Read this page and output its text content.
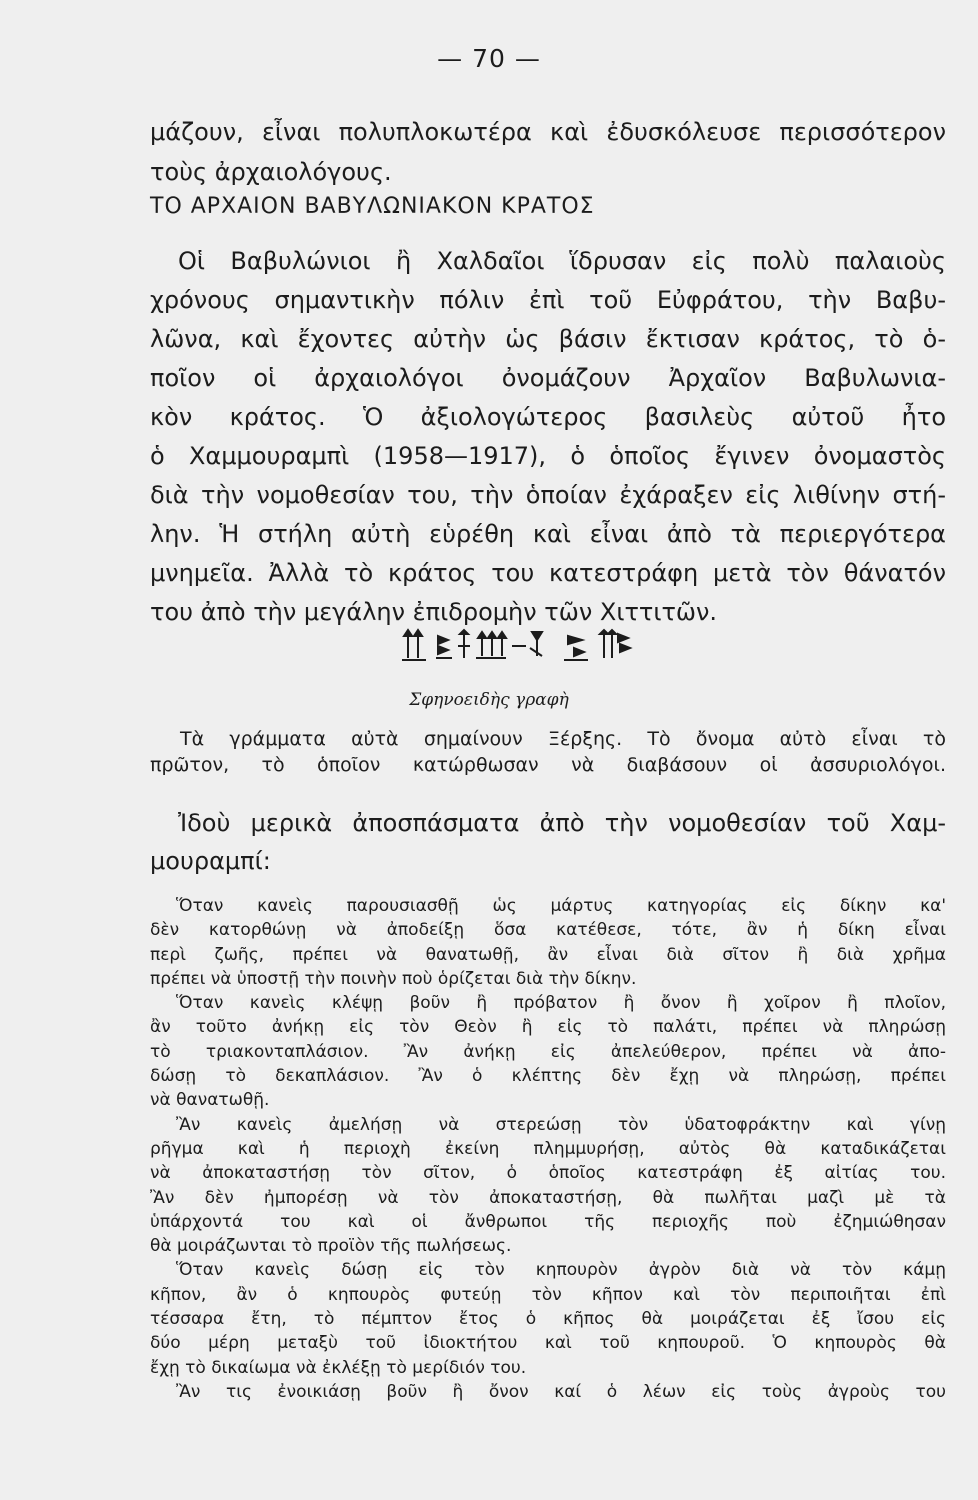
— 70 —
μάζουν, εἶναι πολυπλοκωτέρα καὶ ἐδυσκόλευσε περισσότερον
τοὺς ἀρχαιολόγους.
ΤΟ ΑΡΧΑΙΟΝ ΒΑΒΥΛΩΝΙΑΚΟΝ ΚΡΑΤΟΣ
Οἱ Βαβυλώνιοι ἢ Χαλδαῖοι ἵδρυσαν εἰς πολὺ παλαιοὺς
χρόνους σημαντικὴν πόλιν ἐπὶ τοῦ Εὐφράτου, τὴν Βαβυ-
λῶνα, καὶ ἔχοντες αὐτὴν ὡς βάσιν ἔκτισαν κράτος, τὸ ὁ-
ποῖον οἱ ἀρχαιολόγοι ὀνομάζουν Ἀρχαῖον Βαβυλωνια-
κὸν κράτος. Ὁ ἀξιολογώτερος βασιλεὺς αὐτοῦ ἦτο
ὁ Χαμμουραμπὶ (1958—1917), ὁ ὁποῖος ἔγινεν ὀνομαστὸς
διὰ τὴν νομοθεσίαν του, τὴν ὁποίαν ἐχάραξεν εἰς λιθίνην στή-
λην. Ἡ στήλη αὐτὴ εὑρέθη καὶ εἶναι ἀπὸ τὰ περιεργότερα
μνημεῖα. Ἀλλὰ τὸ κράτος του κατεστράφη μετὰ τὸν θάνατόν
του ἀπὸ τὴν μεγάλην ἐπιδρομὴν τῶν Χιττιτῶν.
Σφηνοειδὴς γραφὴ
Τὰ γράμματα αὐτὰ σημαίνουν Ξέρξης. Τὸ ὄνομα αὐτὸ εἶναι τὸ
πρῶτον, τὸ ὁποῖον κατώρθωσαν νὰ διαβάσουν οἱ ἀσσυριολόγοι.
Ἰδοὺ μερικὰ ἀποσπάσματα ἀπὸ τὴν νομοθεσίαν τοῦ Χαμ-
μουραμπί:
Ὅταν κανεὶς παρουσιασθῇ ὡς μάρτυς κατηγορίας εἰς δίκην κα'
δὲν κατορθώνῃ νὰ ἀποδείξῃ ὅσα κατέθεσε, τότε, ἂν ἡ δίκη εἶναι
περὶ ζωῆς, πρέπει νὰ θανατωθῇ, ἂν εἶναι διὰ σῖτον ἢ διὰ χρῆμα
πρέπει νὰ ὑποστῇ τὴν ποινὴν ποὺ ὁρίζεται διὰ τὴν δίκην.
Ὅταν κανεὶς κλέψῃ βοῦν ἢ πρόβατον ἢ ὄνον ἢ χοῖρον ἢ πλοῖον,
ἂν τοῦτο ἀνήκῃ εἰς τὸν Θεὸν ἢ εἰς τὸ παλάτι, πρέπει νὰ πληρώσῃ
τὸ τριακονταπλάσιον. Ἂν ἀνήκῃ εἰς ἀπελεύθερον, πρέπει νὰ ἀπο-
δώσῃ τὸ δεκαπλάσιον. Ἂν ὁ κλέπτης δὲν ἔχῃ νὰ πληρώσῃ, πρέπει
νὰ θανατωθῇ.
Ἂν κανεὶς ἀμελήσῃ νὰ στερεώσῃ τὸν ὑδατοφράκτην καὶ γίνῃ
ρῆγμα καὶ ἡ περιοχὴ ἐκείνη πλημμυρήσῃ, αὐτὸς θὰ καταδικάζεται
νὰ ἀποκαταστήσῃ τὸν σῖτον, ὁ ὁποῖος κατεστράφη ἐξ αἰτίας του.
Ἂν δὲν ἠμπορέσῃ νὰ τὸν ἀποκαταστήσῃ, θὰ πωλῆται μαζὶ μὲ τὰ
ὑπάρχοντά του καὶ οἱ ἄνθρωποι τῆς περιοχῆς ποὺ ἐζημιώθησαν
θὰ μοιράζωνται τὸ προϊὸν τῆς πωλήσεως.
Ὅταν κανεὶς δώσῃ εἰς τὸν κηπουρὸν ἀγρὸν διὰ νὰ τὸν κάμῃ
κῆπον, ἂν ὁ κηπουρὸς φυτεύῃ τὸν κῆπον καὶ τὸν περιποιῆται ἐπὶ
τέσσαρα ἔτη, τὸ πέμπτον ἔτος ὁ κῆπος θὰ μοιράζεται ἐξ ἴσου εἰς
δύο μέρη μεταξὺ τοῦ ἰδιοκτήτου καὶ τοῦ κηπουροῦ. Ὁ κηπουρὸς θὰ
ἔχῃ τὸ δικαίωμα νὰ ἐκλέξῃ τὸ μερίδιόν του.
Ἂν τις ἐνοικιάσῃ βοῦν ἢ ὄνον καί ὁ λέων εἰς τοὺς ἀγροὺς του
